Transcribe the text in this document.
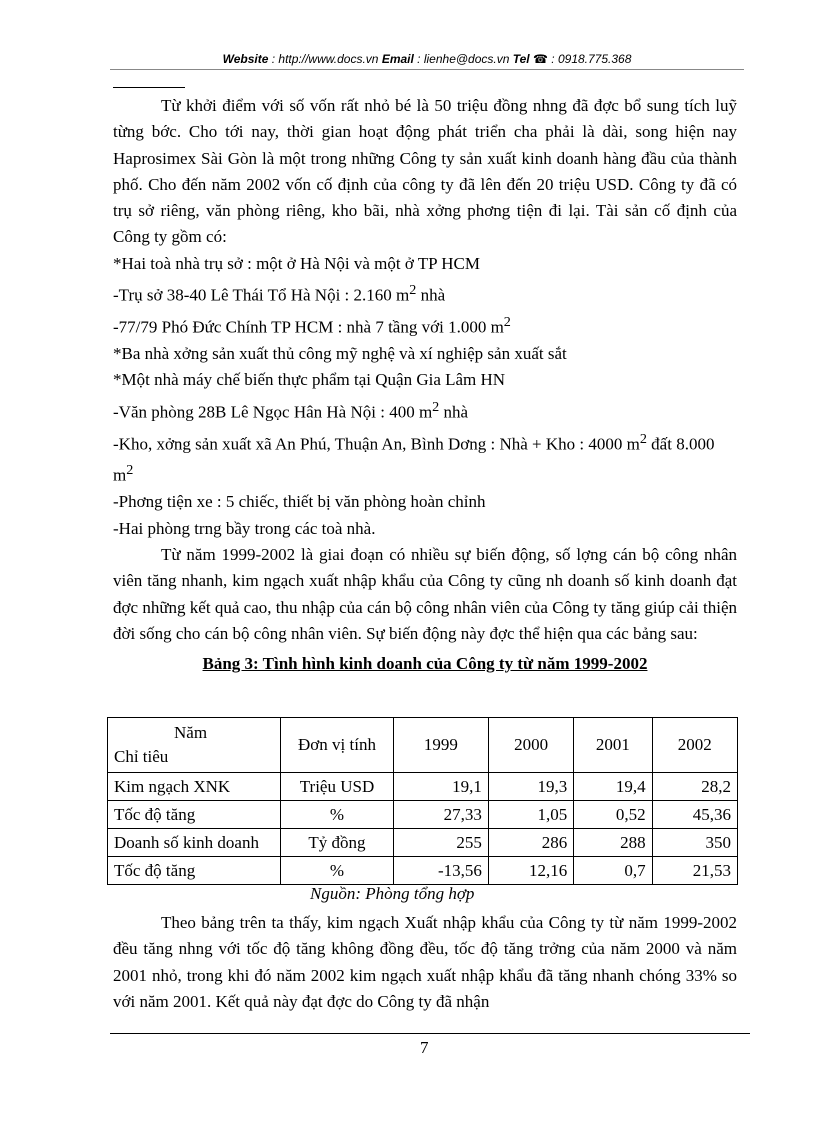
Website : http://www.docs.vn Email : lienhe@docs.vn Tel ☎ : 0918.775.368

Từ khởi điểm với số vốn rất nhỏ bé là 50 triệu đồng nhng đã đợc bổ sung tích luỹ từng bớc. Cho tới nay, thời gian hoạt động phát triển cha phải là dài, song hiện nay Haprosimex Sài Gòn là một trong những Công ty sản xuất kinh doanh hàng đầu của thành phố. Cho đến năm 2002 vốn cố định của công ty đã lên đến 20 triệu USD. Công ty đã có trụ sở riêng, văn phòng riêng, kho bãi, nhà xởng phơng tiện đi lại. Tài sản cố định của Công ty gồm có:

*Hai toà nhà trụ sở : một ở Hà Nội và một ở TP HCM

-Trụ sở 38-40 Lê Thái Tổ Hà Nội : 2.160 $m^2$ nhà

-77/79 Phó Đức Chính TP HCM : nhà 7 tầng với 1.000 $m^2$

*Ba nhà xởng sản xuất thủ công mỹ nghệ và xí nghiệp sản xuất sắt

*Một nhà máy chế biến thực phẩm tại Quận Gia Lâm HN

-Văn phòng 28B Lê Ngọc Hân Hà Nội : 400 $m^2$ nhà

-Kho, xởng sản xuất xã An Phú, Thuận An, Bình Dơng : Nhà + Kho : 4000 $m^2$ đất 8.000 $m^2$

-Phơng tiện xe : 5 chiếc, thiết bị văn phòng hoàn chỉnh

-Hai phòng trng bầy trong các toà nhà.

Từ năm 1999-2002 là giai đoạn có nhiều sự biến động, số lợng cán bộ công nhân viên tăng nhanh, kim ngạch xuất nhập khẩu của Công ty cũng nh doanh số kinh doanh đạt đợc những kết quả cao, thu nhập của cán bộ công nhân viên của Công ty tăng giúp cải thiện đời sống cho cán bộ công nhân viên. Sự biến động này đợc thể hiện qua các bảng sau:

Bảng 3: Tình hình kinh doanh của Công ty từ năm 1999-2002

Năm
Chỉ tiêu	Đơn vị tính	1999	2000	2001	2002
Kim ngạch XNK	Triệu USD	19,1	19,3	19,4	28,2
Tốc độ tăng	%	27,33	1,05	0,52	45,36
Doanh số kinh doanh	Tỷ đồng	255	286	288	350
Tốc độ tăng	%	-13,56	12,16	0,7	21,53
Nguồn: Phòng tổng hợp

Theo bảng trên ta thấy, kim ngạch Xuất nhập khẩu của Công ty từ năm 1999-2002 đều tăng nhng với tốc độ tăng không đồng đều, tốc độ tăng trởng của năm 2000 và năm 2001 nhỏ, trong khi đó năm 2002 kim ngạch xuất nhập khẩu đã tăng nhanh chóng 33% so với năm 2001. Kết quả này đạt đợc do Công ty đã nhận

7
